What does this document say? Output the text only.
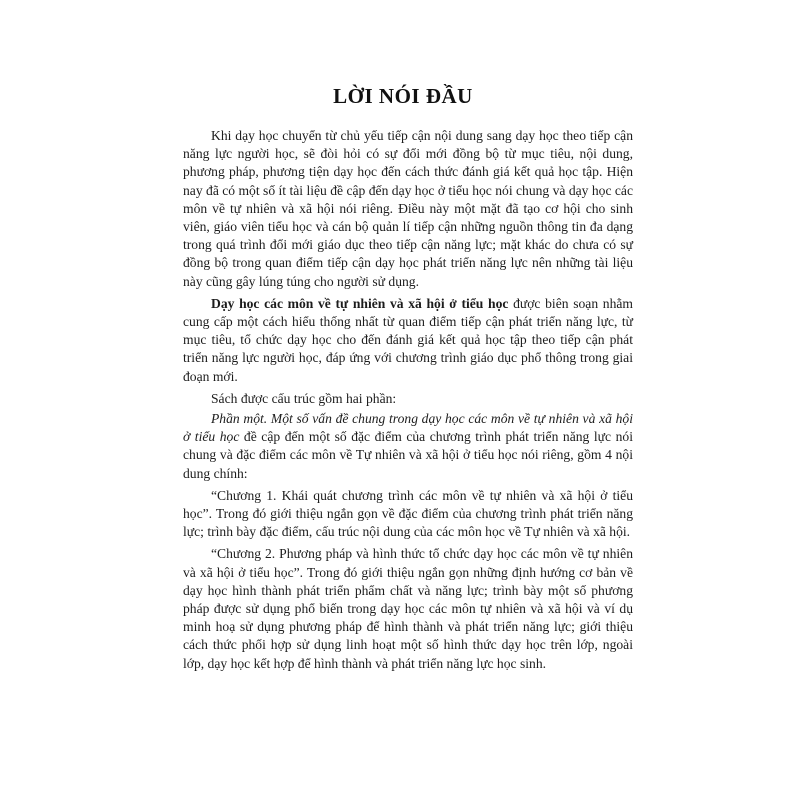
LỜI NÓI ĐẦU

Khi dạy học chuyển từ chủ yếu tiếp cận nội dung sang dạy học theo tiếp cận năng lực người học, sẽ đòi hỏi có sự đổi mới đồng bộ từ mục tiêu, nội dung, phương pháp, phương tiện dạy học đến cách thức đánh giá kết quả học tập. Hiện nay đã có một số ít tài liệu đề cập đến dạy học ở tiểu học nói chung và dạy học các môn về tự nhiên và xã hội nói riêng. Điều này một mặt đã tạo cơ hội cho sinh viên, giáo viên tiểu học và cán bộ quản lí tiếp cận những nguồn thông tin đa dạng trong quá trình đổi mới giáo dục theo tiếp cận năng lực; mặt khác do chưa có sự đồng bộ trong quan điểm tiếp cận dạy học phát triển năng lực nên những tài liệu này cũng gây lúng túng cho người sử dụng.

Dạy học các môn về tự nhiên và xã hội ở tiểu học được biên soạn nhằm cung cấp một cách hiểu thống nhất từ quan điểm tiếp cận phát triển năng lực, từ mục tiêu, tổ chức dạy học cho đến đánh giá kết quả học tập theo tiếp cận phát triển năng lực người học, đáp ứng với chương trình giáo dục phổ thông trong giai đoạn mới.

Sách được cấu trúc gồm hai phần:

Phần một. Một số vấn đề chung trong dạy học các môn về tự nhiên và xã hội ở tiểu học đề cập đến một số đặc điểm của chương trình phát triển năng lực nói chung và đặc điểm các môn về Tự nhiên và xã hội ở tiểu học nói riêng, gồm 4 nội dung chính:

“Chương 1. Khái quát chương trình các môn về tự nhiên và xã hội ở tiểu học”. Trong đó giới thiệu ngắn gọn về đặc điểm của chương trình phát triển năng lực; trình bày đặc điểm, cấu trúc nội dung của các môn học về Tự nhiên và xã hội.

“Chương 2. Phương pháp và hình thức tổ chức dạy học các môn về tự nhiên và xã hội ở tiểu học”. Trong đó giới thiệu ngắn gọn những định hướng cơ bản về dạy học hình thành phát triển phẩm chất và năng lực; trình bày một số phương pháp được sử dụng phổ biến trong dạy học các môn tự nhiên và xã hội và ví dụ minh hoạ sử dụng phương pháp để hình thành và phát triển năng lực; giới thiệu cách thức phối hợp sử dụng linh hoạt một số hình thức dạy học trên lớp, ngoài lớp, dạy học kết hợp để hình thành và phát triển năng lực học sinh.
